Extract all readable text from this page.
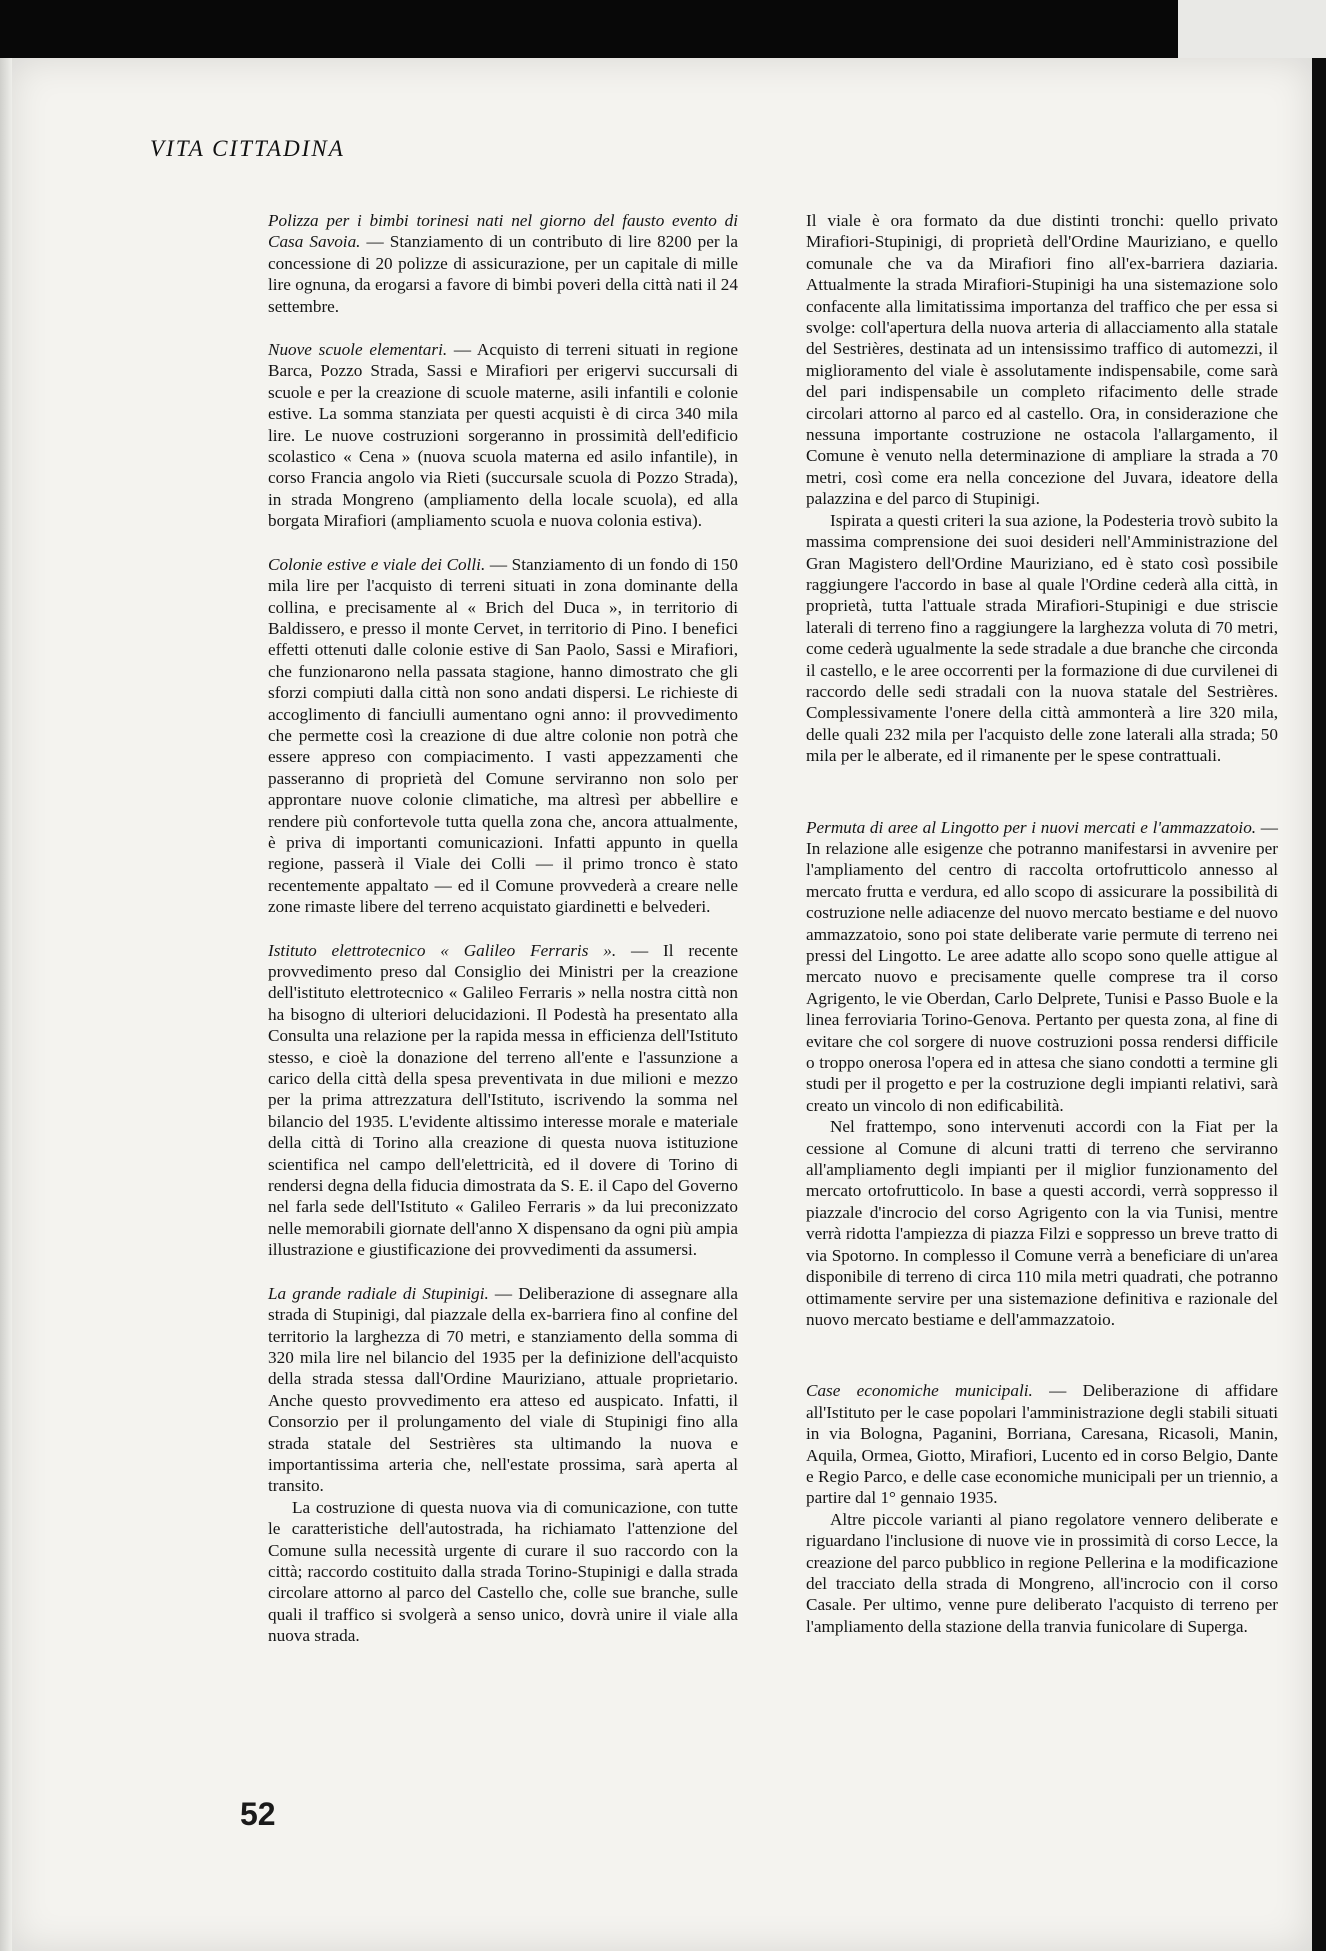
VITA CITTADINA

Polizza per i bimbi torinesi nati nel giorno del fausto evento di Casa Savoia. — Stanziamento di un contributo di lire 8200 per la concessione di 20 polizze di assicurazione, per un capitale di mille lire ognuna, da erogarsi a favore di bimbi poveri della città nati il 24 settembre.

Nuove scuole elementari. — Acquisto di terreni situati in regione Barca, Pozzo Strada, Sassi e Mirafiori per erigervi succursali di scuole e per la creazione di scuole materne, asili infantili e colonie estive. La somma stanziata per questi acquisti è di circa 340 mila lire. Le nuove costruzioni sorgeranno in prossimità dell'edificio scolastico « Cena » (nuova scuola materna ed asilo infantile), in corso Francia angolo via Rieti (succursale scuola di Pozzo Strada), in strada Mongreno (ampliamento della locale scuola), ed alla borgata Mirafiori (ampliamento scuola e nuova colonia estiva).

Colonie estive e viale dei Colli. — Stanziamento di un fondo di 150 mila lire per l'acquisto di terreni situati in zona dominante della collina, e precisamente al « Brich del Duca », in territorio di Baldissero, e presso il monte Cervet, in territorio di Pino. I benefici effetti ottenuti dalle colonie estive di San Paolo, Sassi e Mirafiori, che funzionarono nella passata stagione, hanno dimostrato che gli sforzi compiuti dalla città non sono andati dispersi. Le richieste di accoglimento di fanciulli aumentano ogni anno: il provvedimento che permette così la creazione di due altre colonie non potrà che essere appreso con compiacimento. I vasti appezzamenti che passeranno di proprietà del Comune serviranno non solo per approntare nuove colonie climatiche, ma altresì per abbellire e rendere più confortevole tutta quella zona che, ancora attualmente, è priva di importanti comunicazioni. Infatti appunto in quella regione, passerà il Viale dei Colli — il primo tronco è stato recentemente appaltato — ed il Comune provvederà a creare nelle zone rimaste libere del terreno acquistato giardinetti e belvederi.

Istituto elettrotecnico « Galileo Ferraris ». — Il recente provvedimento preso dal Consiglio dei Ministri per la creazione dell'istituto elettrotecnico « Galileo Ferraris » nella nostra città non ha bisogno di ulteriori delucidazioni. Il Podestà ha presentato alla Consulta una relazione per la rapida messa in efficienza dell'Istituto stesso, e cioè la donazione del terreno all'ente e l'assunzione a carico della città della spesa preventivata in due milioni e mezzo per la prima attrezzatura dell'Istituto, iscrivendo la somma nel bilancio del 1935. L'evidente altissimo interesse morale e materiale della città di Torino alla creazione di questa nuova istituzione scientifica nel campo dell'elettricità, ed il dovere di Torino di rendersi degna della fiducia dimostrata da S. E. il Capo del Governo nel farla sede dell'Istituto « Galileo Ferraris » da lui preconizzato nelle memorabili giornate dell'anno X dispensano da ogni più ampia illustrazione e giustificazione dei provvedimenti da assumersi.

La grande radiale di Stupinigi. — Deliberazione di assegnare alla strada di Stupinigi, dal piazzale della ex-barriera fino al confine del territorio la larghezza di 70 metri, e stanziamento della somma di 320 mila lire nel bilancio del 1935 per la definizione dell'acquisto della strada stessa dall'Ordine Mauriziano, attuale proprietario. Anche questo provvedimento era atteso ed auspicato. Infatti, il Consorzio per il prolungamento del viale di Stupinigi fino alla strada statale del Sestrières sta ultimando la nuova e importantissima arteria che, nell'estate prossima, sarà aperta al transito.

La costruzione di questa nuova via di comunicazione, con tutte le caratteristiche dell'autostrada, ha richiamato l'attenzione del Comune sulla necessità urgente di curare il suo raccordo con la città; raccordo costituito dalla strada Torino-Stupinigi e dalla strada circolare attorno al parco del Castello che, colle sue branche, sulle quali il traffico si svolgerà a senso unico, dovrà unire il viale alla nuova strada.

Il viale è ora formato da due distinti tronchi: quello privato Mirafiori-Stupinigi, di proprietà dell'Ordine Mauriziano, e quello comunale che va da Mirafiori fino all'ex-barriera daziaria. Attualmente la strada Mirafiori-Stupinigi ha una sistemazione solo confacente alla limitatissima importanza del traffico che per essa si svolge: coll'apertura della nuova arteria di allacciamento alla statale del Sestrières, destinata ad un intensissimo traffico di automezzi, il miglioramento del viale è assolutamente indispensabile, come sarà del pari indispensabile un completo rifacimento delle strade circolari attorno al parco ed al castello. Ora, in considerazione che nessuna importante costruzione ne ostacola l'allargamento, il Comune è venuto nella determinazione di ampliare la strada a 70 metri, così come era nella concezione del Juvara, ideatore della palazzina e del parco di Stupinigi.

Ispirata a questi criteri la sua azione, la Podesteria trovò subito la massima comprensione dei suoi desideri nell'Amministrazione del Gran Magistero dell'Ordine Mauriziano, ed è stato così possibile raggiungere l'accordo in base al quale l'Ordine cederà alla città, in proprietà, tutta l'attuale strada Mirafiori-Stupinigi e due striscie laterali di terreno fino a raggiungere la larghezza voluta di 70 metri, come cederà ugualmente la sede stradale a due branche che circonda il castello, e le aree occorrenti per la formazione di due curvilenei di raccordo delle sedi stradali con la nuova statale del Sestrières. Complessivamente l'onere della città ammonterà a lire 320 mila, delle quali 232 mila per l'acquisto delle zone laterali alla strada; 50 mila per le alberate, ed il rimanente per le spese contrattuali.

Permuta di aree al Lingotto per i nuovi mercati e l'ammazzatoio. — In relazione alle esigenze che potranno manifestarsi in avvenire per l'ampliamento del centro di raccolta ortofrutticolo annesso al mercato frutta e verdura, ed allo scopo di assicurare la possibilità di costruzione nelle adiacenze del nuovo mercato bestiame e del nuovo ammazzatoio, sono poi state deliberate varie permute di terreno nei pressi del Lingotto. Le aree adatte allo scopo sono quelle attigue al mercato nuovo e precisamente quelle comprese tra il corso Agrigento, le vie Oberdan, Carlo Delprete, Tunisi e Passo Buole e la linea ferroviaria Torino-Genova. Pertanto per questa zona, al fine di evitare che col sorgere di nuove costruzioni possa rendersi difficile o troppo onerosa l'opera ed in attesa che siano condotti a termine gli studi per il progetto e per la costruzione degli impianti relativi, sarà creato un vincolo di non edificabilità.

Nel frattempo, sono intervenuti accordi con la Fiat per la cessione al Comune di alcuni tratti di terreno che serviranno all'ampliamento degli impianti per il miglior funzionamento del mercato ortofrutticolo. In base a questi accordi, verrà soppresso il piazzale d'incrocio del corso Agrigento con la via Tunisi, mentre verrà ridotta l'ampiezza di piazza Filzi e soppresso un breve tratto di via Spotorno. In complesso il Comune verrà a beneficiare di un'area disponibile di terreno di circa 110 mila metri quadrati, che potranno ottimamente servire per una sistemazione definitiva e razionale del nuovo mercato bestiame e dell'ammazzatoio.

Case economiche municipali. — Deliberazione di affidare all'Istituto per le case popolari l'amministrazione degli stabili situati in via Bologna, Paganini, Borriana, Caresana, Ricasoli, Manin, Aquila, Ormea, Giotto, Mirafiori, Lucento ed in corso Belgio, Dante e Regio Parco, e delle case economiche municipali per un triennio, a partire dal 1° gennaio 1935.

Altre piccole varianti al piano regolatore vennero deliberate e riguardano l'inclusione di nuove vie in prossimità di corso Lecce, la creazione del parco pubblico in regione Pellerina e la modificazione del tracciato della strada di Mongreno, all'incrocio con il corso Casale. Per ultimo, venne pure deliberato l'acquisto di terreno per l'ampliamento della stazione della tranvia funicolare di Superga.

52
